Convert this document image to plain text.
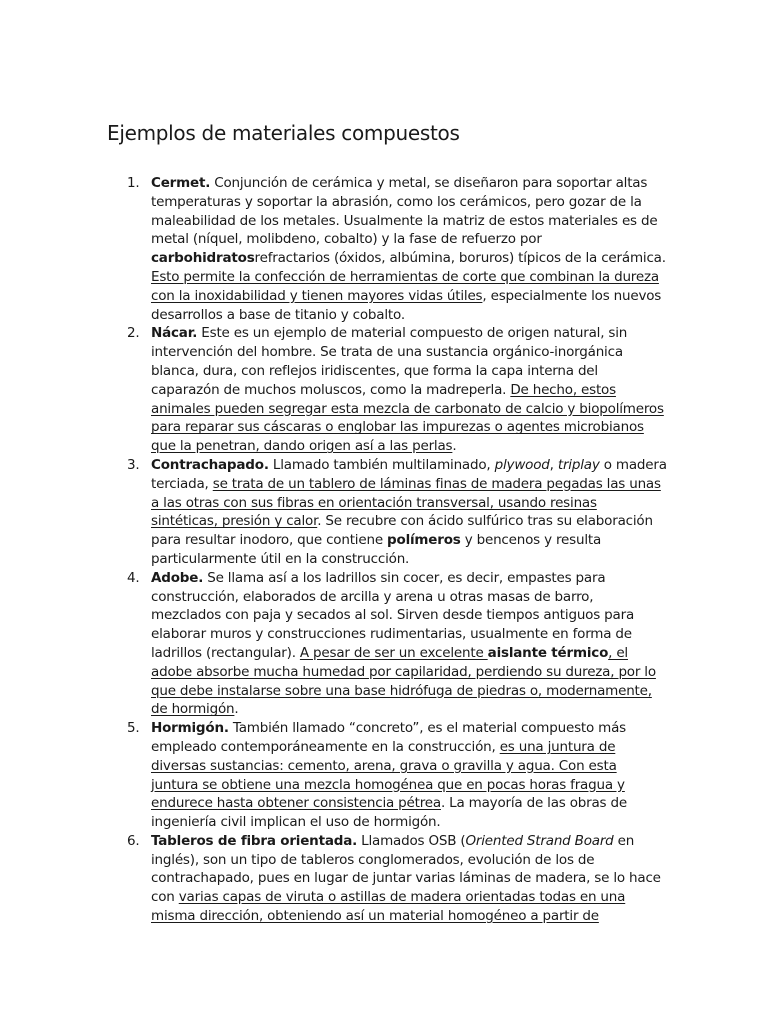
Ejemplos de materiales compuestos
1. Cermet. Conjunción de cerámica y metal, se diseñaron para soportar altas temperaturas y soportar la abrasión, como los cerámicos, pero gozar de la maleabilidad de los metales. Usualmente la matriz de estos materiales es de metal (níquel, molibdeno, cobalto) y la fase de refuerzo por carbohidratosrefractarios (óxidos, albúmina, boruros) típicos de la cerámica. Esto permite la confección de herramientas de corte que combinan la dureza con la inoxidabilidad y tienen mayores vidas útiles, especialmente los nuevos desarrollos a base de titanio y cobalto.
2. Nácar. Este es un ejemplo de material compuesto de origen natural, sin intervención del hombre. Se trata de una sustancia orgánico-inorgánica blanca, dura, con reflejos iridiscentes, que forma la capa interna del caparazón de muchos moluscos, como la madreperla. De hecho, estos animales pueden segregar esta mezcla de carbonato de calcio y biopolímeros para reparar sus cáscaras o englobar las impurezas o agentes microbianos que la penetran, dando origen así a las perlas.
3. Contrachapado. Llamado también multilaminado, plywood, triplay o madera terciada, se trata de un tablero de láminas finas de madera pegadas las unas a las otras con sus fibras en orientación transversal, usando resinas sintéticas, presión y calor. Se recubre con ácido sulfúrico tras su elaboración para resultar inodoro, que contiene polímeros y bencenos y resulta particularmente útil en la construcción.
4. Adobe. Se llama así a los ladrillos sin cocer, es decir, empastes para construcción, elaborados de arcilla y arena u otras masas de barro, mezclados con paja y secados al sol. Sirven desde tiempos antiguos para elaborar muros y construcciones rudimentarias, usualmente en forma de ladrillos (rectangular). A pesar de ser un excelente aislante térmico, el adobe absorbe mucha humedad por capilaridad, perdiendo su dureza, por lo que debe instalarse sobre una base hidrófuga de piedras o, modernamente, de hormigón.
5. Hormigón. También llamado “concreto”, es el material compuesto más empleado contemporáneamente en la construcción, es una juntura de diversas sustancias: cemento, arena, grava o gravilla y agua. Con esta juntura se obtiene una mezcla homogénea que en pocas horas fragua y endurece hasta obtener consistencia pétrea. La mayoría de las obras de ingeniería civil implican el uso de hormigón.
6. Tableros de fibra orientada. Llamados OSB (Oriented Strand Board en inglés), son un tipo de tableros conglomerados, evolución de los de contrachapado, pues en lugar de juntar varias láminas de madera, se lo hace con varias capas de viruta o astillas de madera orientadas todas en una misma dirección, obteniendo así un material homogéneo a partir de
